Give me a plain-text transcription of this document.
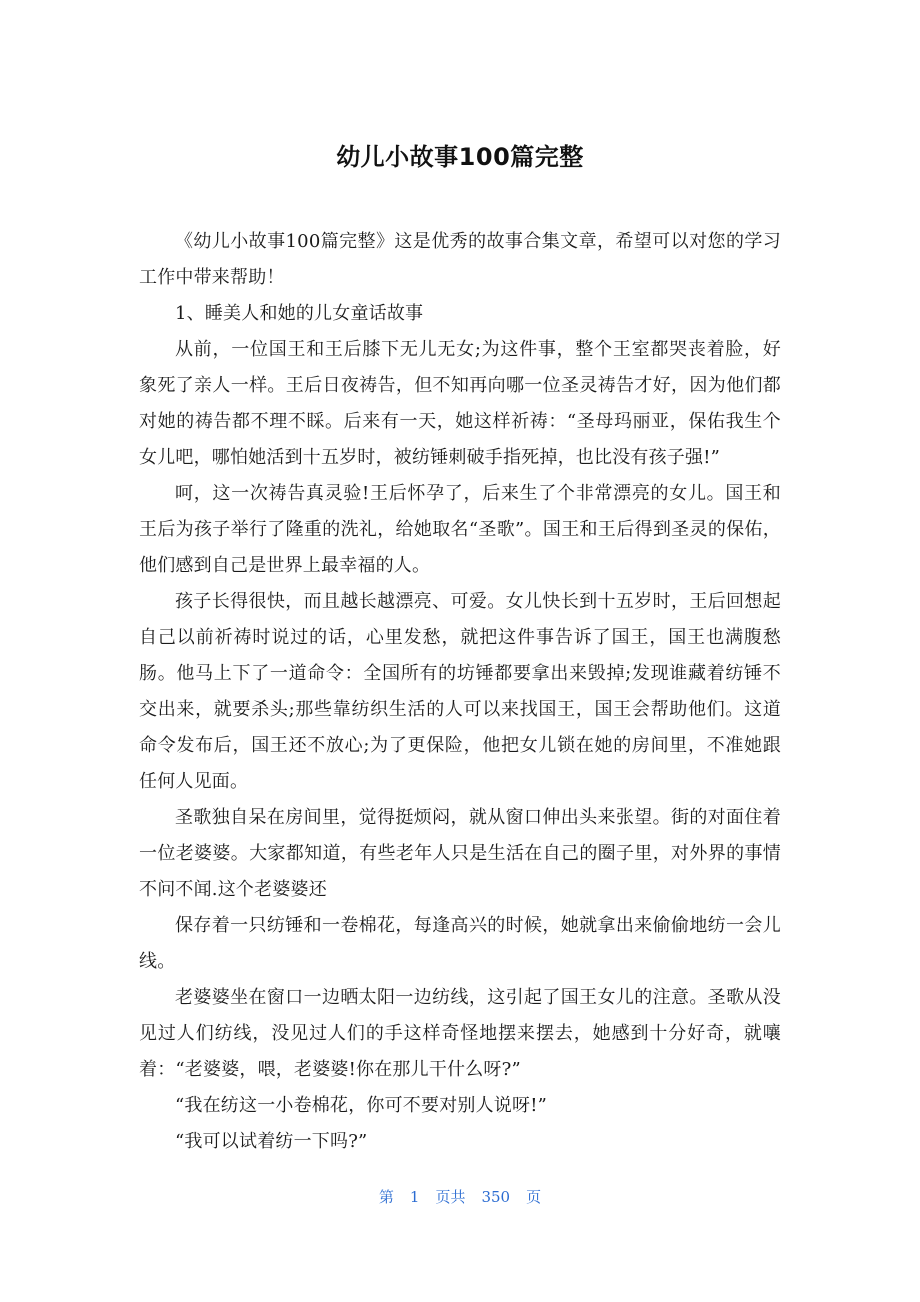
幼儿小故事100篇完整

《幼儿小故事100篇完整》这是优秀的故事合集文章，希望可以对您的学习工作中带来帮助！

1、睡美人和她的儿女童话故事

从前，一位国王和王后膝下无儿无女;为这件事，整个王室都哭丧着脸，好象死了亲人一样。王后日夜祷告，但不知再向哪一位圣灵祷告才好，因为他们都对她的祷告都不理不睬。后来有一天，她这样祈祷：“圣母玛丽亚，保佑我生个女儿吧，哪怕她活到十五岁时，被纺锤刺破手指死掉，也比没有孩子强!”

呵，这一次祷告真灵验!王后怀孕了，后来生了个非常漂亮的女儿。国王和王后为孩子举行了隆重的洗礼，给她取名“圣歌”。国王和王后得到圣灵的保佑，他们感到自己是世界上最幸福的人。

孩子长得很快，而且越长越漂亮、可爱。女儿快长到十五岁时，王后回想起自己以前祈祷时说过的话，心里发愁，就把这件事告诉了国王，国王也满腹愁肠。他马上下了一道命令：全国所有的坊锤都要拿出来毁掉;发现谁藏着纺锤不交出来，就要杀头;那些靠纺织生活的人可以来找国王，国王会帮助他们。这道命令发布后，国王还不放心;为了更保险，他把女儿锁在她的房间里，不准她跟任何人见面。

圣歌独自呆在房间里，觉得挺烦闷，就从窗口伸出头来张望。街的对面住着一位老婆婆。大家都知道，有些老年人只是生活在自己的圈子里，对外界的事情不问不闻.这个老婆婆还

保存着一只纺锤和一卷棉花，每逢高兴的时候，她就拿出来偷偷地纺一会儿线。

老婆婆坐在窗口一边晒太阳一边纺线，这引起了国王女儿的注意。圣歌从没见过人们纺线，没见过人们的手这样奇怪地摆来摆去，她感到十分好奇，就嚷着：“老婆婆，喂，老婆婆!你在那儿干什么呀?”

“我在纺这一小卷棉花，你可不要对别人说呀!”

“我可以试着纺一下吗?”

第 1 页共 350 页
